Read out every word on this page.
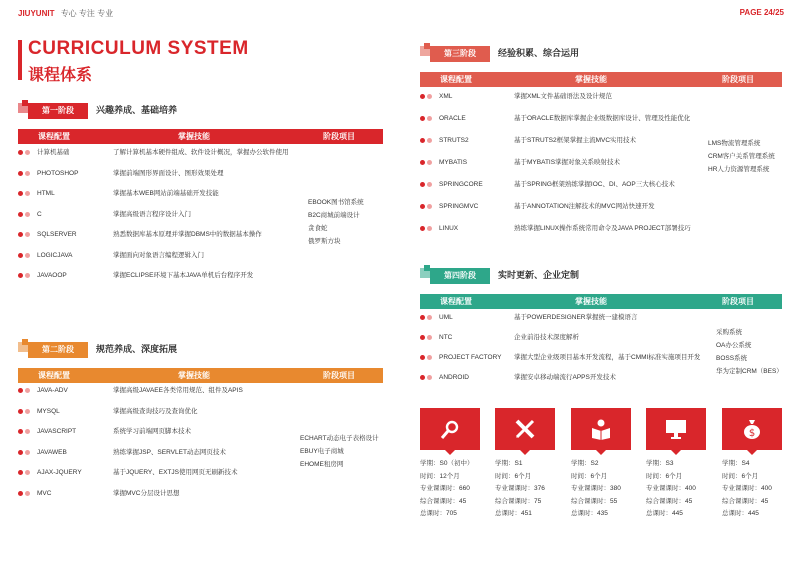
JIUYUNIT 专心 专注 专业	PAGE 24/25
CURRICULUM SYSTEM
课程体系
第一阶段	兴趣养成、基础培养
课程配置	掌握技能	阶段项目
计算机基础	了解计算机基本硬件组成、软件设计概况，掌握办公软件使用
PHOTOSHOP	掌握前端图形界面设计、图形效果处理
HTML	掌握基本WEB网站前端基础开发技能
C	掌握高级语言程序设计入门
SQLSERVER	熟悉数据库基本原理并掌握DBMS中的数据基本操作
LOGICJAVA	掌握面向对象语言编程逻辑入门
JAVAOOP	掌握ECLIPSE环境下基本JAVA单机后台程序开发
EBOOK图书馆系统
B2C商城前端设计
贪食蛇
俄罗斯方块
第二阶段	规范养成、深度拓展
课程配置	掌握技能	阶段项目
JAVA-ADV	掌握高级JAVAEE各类常用规范、组件及APIS
MYSQL	掌握高级查询技巧及查询优化
JAVASCRIPT	系统学习前端网页脚本技术
JAVAWEB	熟练掌握JSP、SERVLET动态网页技术
AJAX-JQUERY	基于JQUERY、EXTJS使用网页无刷新技术
MVC	掌握MVC分层设计思想
ECHART动态电子表格设计
EBUY电子商城
EHOME租房网
第三阶段	经验积累、综合运用
课程配置	掌握技能	阶段项目
XML	掌握XML文件基础语法及设计规范
ORACLE	基于ORACLE数据库掌握企业级数据库设计、管理及性能优化
STRUTS2	基于STRUTS2框架掌握主流MVC实用技术
MYBATIS	基于MYBATIS掌握对象关系映射技术
SPRINGCORE	基于SPRING框架熟练掌握IOC、DI、AOP三大核心技术
SPRINGMVC	基于ANNOTATION注解技术的MVC网站快速开发
LINUX	熟练掌握LINUX操作系统常用命令及JAVA PROJECT部署技巧
LMS物流管理系统
CRM客户关系管理系统
HR人力资源管理系统
第四阶段	实时更新、企业定制
课程配置	掌握技能	阶段项目
UML	基于POWERDESIGNER掌握统一建模语言
NTC	企业前沿技术深度解析
PROJECT FACTORY 掌握大型企业级项目基本开发流程，基于CMMI标准实施项目开发
ANDROID	掌握安卓移动端流行APPS开发技术
采购系统
OA办公系统
BOSS系统
华为定制CRM（BES）
学期：S0（初中）
时间：12个月
专业课课时：660
综合课课时：45
总课时：705
学期：S1
时间：6个月
专业课课时：376
综合课课时：75
总课时：451
学期：S2
时间：6个月
专业课课时：380
综合课课时：55
总课时：435
学期：S3
时间：6个月
专业课课时：400
综合课课时：45
总课时：445
$
学期：S4
时间：6个月
专业课课时：400
综合课课时：45
总课时：445
